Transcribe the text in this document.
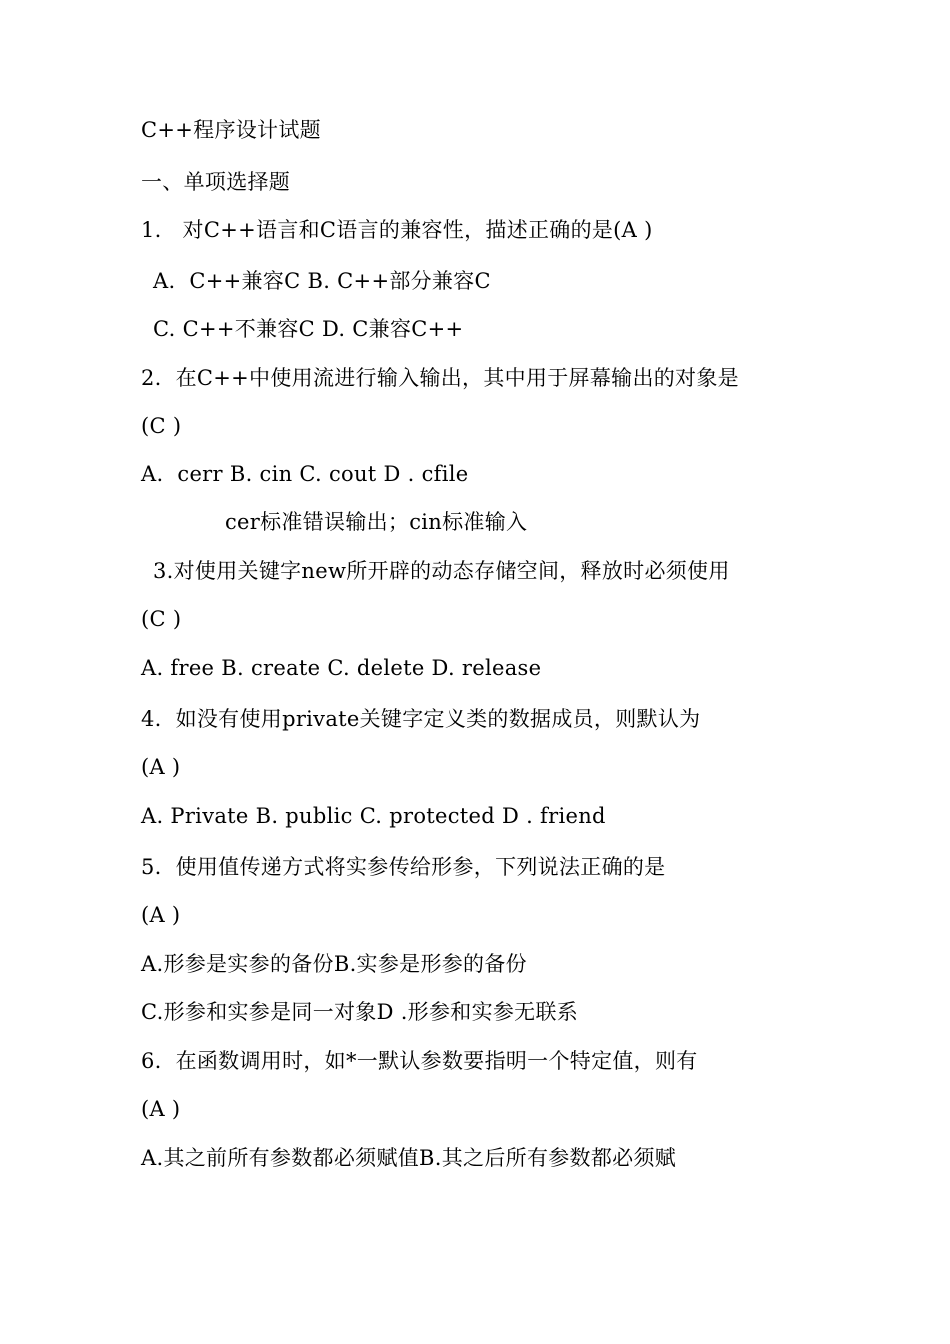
C++程序设计试题
一、单项选择题
1.   对C++语言和C语言的兼容性，描述正确的是(A )
A.  C++兼容C B. C++部分兼容C
C. C++不兼容C D. C兼容C++
2.  在C++中使用流进行输入输出，其中用于屏幕输出的对象是
(C )
A.  cerr B. cin C. cout D . cfile
cer标准错误输出；cin标准输入
3.对使用关键字new所开辟的动态存储空间，释放时必须使用
(C )
A. free B. create C. delete D. release
4.  如没有使用private关键字定义类的数据成员，则默认为
(A )
A. Private B. public C. protected D . friend
5.  使用值传递方式将实参传给形参，下列说法正确的是
(A )
A.形参是实参的备份B.实参是形参的备份
C.形参和实参是同一对象D .形参和实参无联系
6.  在函数调用时，如*一默认参数要指明一个特定值，则有
(A )
A.其之前所有参数都必须赋值B.其之后所有参数都必须赋
